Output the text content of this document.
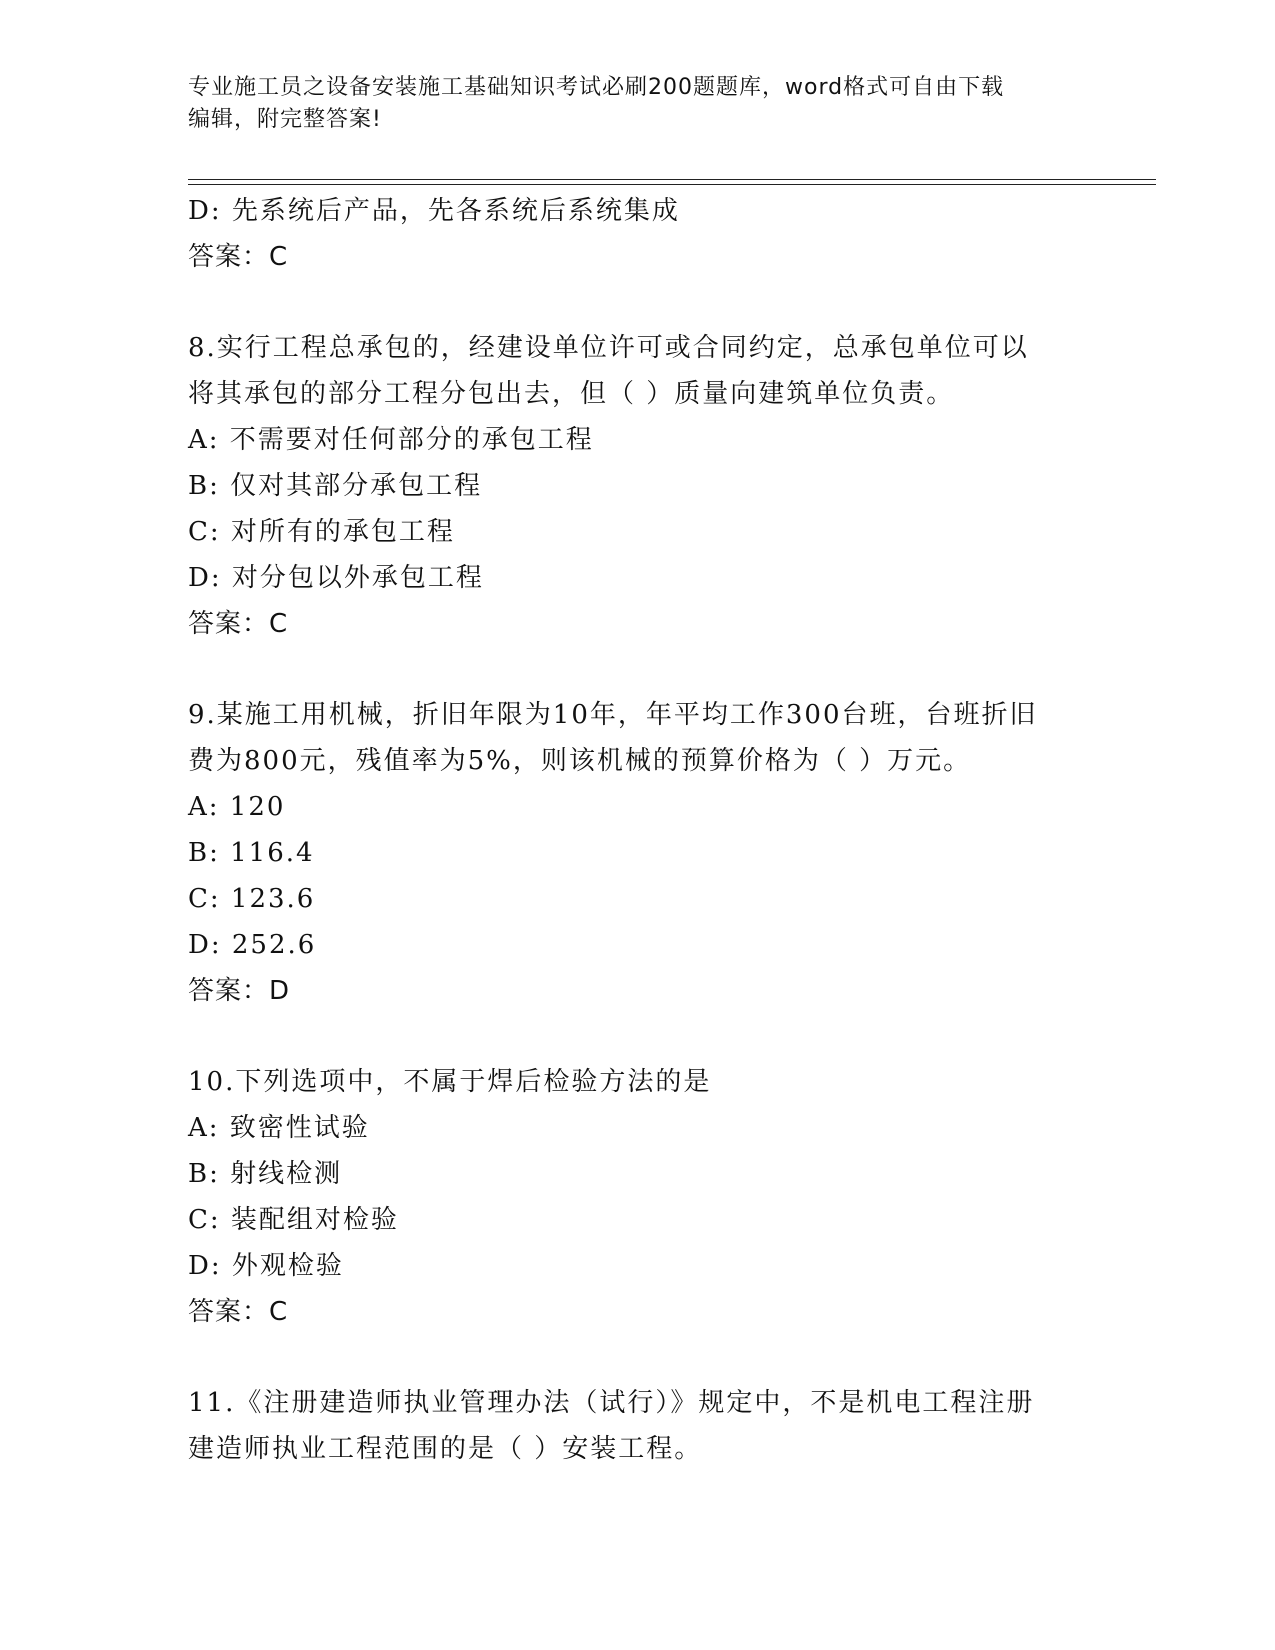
专业施工员之设备安装施工基础知识考试必刷200题题库，word格式可自由下载
编辑，附完整答案!
D: 先系统后产品，先各系统后系统集成
答案：C
8.实行工程总承包的，经建设单位许可或合同约定，总承包单位可以
将其承包的部分工程分包出去，但（ ）质量向建筑单位负责。
A: 不需要对任何部分的承包工程
B: 仅对其部分承包工程
C: 对所有的承包工程
D: 对分包以外承包工程
答案：C
9.某施工用机械，折旧年限为10年，年平均工作300台班，台班折旧
费为800元，残值率为5%，则该机械的预算价格为（ ）万元。
A: 120
B: 116.4
C: 123.6
D: 252.6
答案：D
10.下列选项中，不属于焊后检验方法的是
A: 致密性试验
B: 射线检测
C: 装配组对检验
D: 外观检验
答案：C
11.《注册建造师执业管理办法（试行）》规定中，不是机电工程注册
建造师执业工程范围的是（ ）安装工程。
